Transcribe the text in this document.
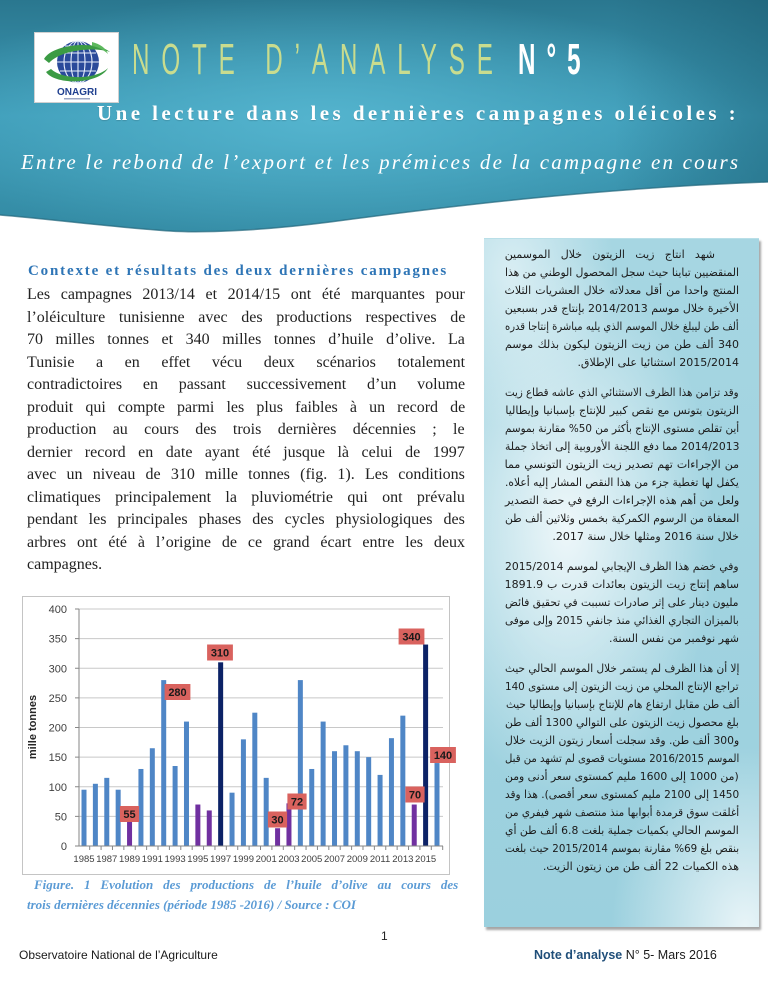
ONAGRI
NOTE D’ANALYSE N°5
Une lecture dans les dernières campagnes oléicoles :
Entre le rebond de l’export et les prémices de la campagne en cours
Contexte et résultats des deux dernières campagnes
Les campagnes 2013/14 et 2014/15 ont été marquantes pour
l’oléiculture tunisienne avec des productions respectives de
70 milles tonnes et 340 milles tonnes d’huile d’olive. La
Tunisie a en effet vécu deux scénarios totalement
contradictoires en passant successivement d’un volume
produit qui compte parmi les plus faibles à un record de
production au cours des trois dernières décennies ; le
dernier record en date ayant été jusque là celui de 1997
avec un niveau de 310 mille tonnes (fig. 1). Les conditions
climatiques principalement la pluviométrie qui ont prévalu
pendant les principales phases des cycles physiologiques des
arbres ont été à l’origine de ce grand écart entre les deux
campagnes.
0
50
100
150
200
250
300
350
400
1985 1987 1989 1991 1993 1995 1997 1999 2001 2003 2005 2007 2009 2011 2013 2015
mille tonnes
55
280
310
30
72
70
340
140
Figure. 1 Evolution des productions de l’huile d’olive au cours des
trois dernières décennies (période 1985 -2016) / Source : COI
شهد انتاج زيت الزيتون خلال الموسمين
المنقضيين تباينا حيث سجل المحصول الوطني من هذا
المنتج واحدا من أقل معدلاته خلال العشريات الثلاث
الأخيرة خلال موسم 2014/2013 بإنتاج قدر بسبعين
ألف طن ليبلغ خلال الموسم الذي يليه مباشرة إنتاجا قدره
340 ألف طن من زيت الزيتون ليكون بذلك موسم
2015/2014 استثنائيا على الإطلاق.
وقد تزامن هذا الظرف الاستثنائي الذي عاشه قطاع زيت
الزيتون بتونس مع نقص كبير للإنتاج بإسبانيا وإيطاليا
أين تقلص مستوى الإنتاج بأكثر من 50% مقارنة بموسم
2014/2013 مما دفع اللجنة الأوروبية إلى اتخاذ جملة
من الإجراءات تهم تصدير زيت الزيتون التونسي مما
يكفل لها تغطية جزء من هذا النقص المشار إليه أعلاه.
ولعل من أهم هذه الإجراءات الرفع في حصة التصدير
المعفاة من الرسوم الكمركية بخمس وثلاثين ألف طن
خلال سنة 2016 ومثلها خلال سنة 2017.
وفي خضم هذا الظرف الإيجابي لموسم 2015/2014
ساهم إنتاج زيت الزيتون بعائدات قدرت ب 1891.9
مليون دينار على إثر صادرات تسببت في تحقيق فائض
بالميزان التجاري الغذائي منذ جانفي 2015 وإلى موفى
شهر نوفمبر من نفس السنة.
إلا أن هذا الظرف لم يستمر خلال الموسم الحالي حيث
تراجع الإنتاج المحلي من زيت الزيتون إلى مستوى 140
ألف طن مقابل ارتفاع هام للإنتاج بإسبانيا وإيطاليا حيث
بلغ محصول زيت الزيتون على التوالي 1300 ألف طن
و300 ألف طن. وقد سجلت أسعار زيتون الزيت خلال
الموسم 2016/2015 مستويات قصوى لم تشهد من قبل
(من 1000 إلى 1600 مليم كمستوى سعر أدنى ومن
1450 إلى 2100 مليم كمستوى سعر أقصى). هذا وقد
أغلقت سوق قرمدة أبوابها منذ منتصف شهر فيفري من
الموسم الحالي بكميات جملية بلغت 6.8 ألف طن أي
بنقص بلغ 69% مقارنة بموسم 2015/2014 حيث بلغت
هذه الكميات 22 ألف طن من زيتون الزيت.
1
Observatoire National de l’Agriculture	Note d’analyse N° 5- Mars 2016
